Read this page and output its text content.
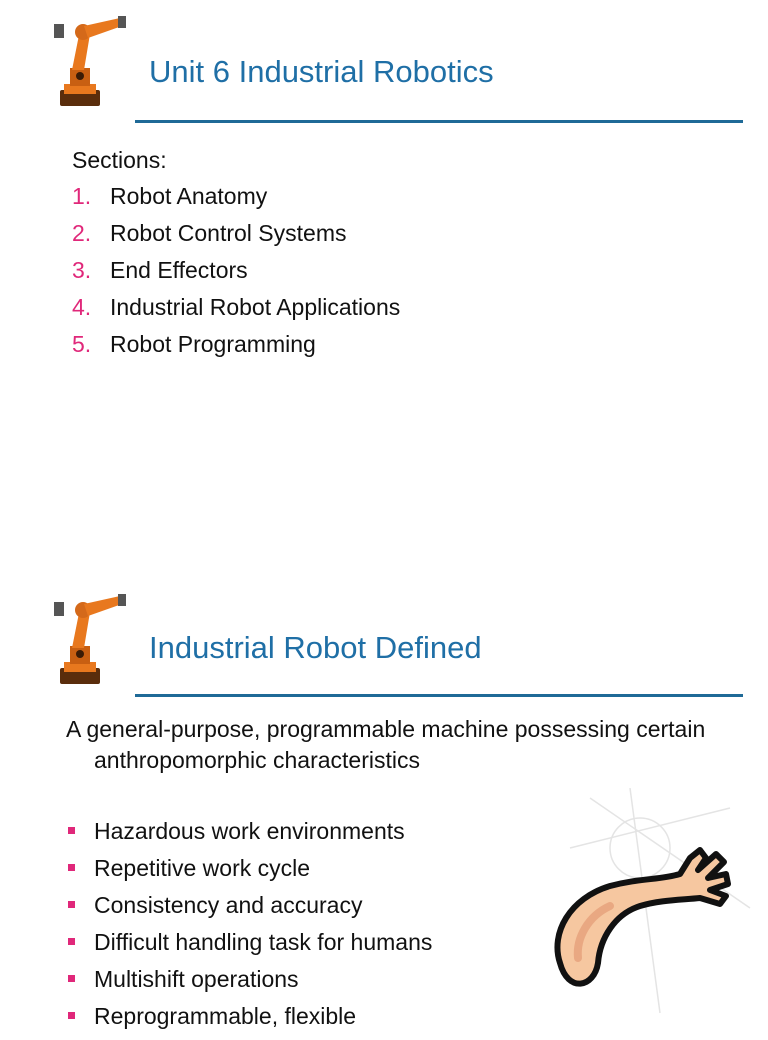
Unit 6 Industrial Robotics
Sections:
1. Robot Anatomy
2. Robot Control Systems
3. End Effectors
4. Industrial Robot Applications
5. Robot Programming
Industrial Robot Defined

A general-purpose, programmable machine possessing certain anthropomorphic characteristics

Hazardous work environments
Repetitive work cycle
Consistency and accuracy
Difficult handling task for humans
Multishift operations
Reprogrammable, flexible
